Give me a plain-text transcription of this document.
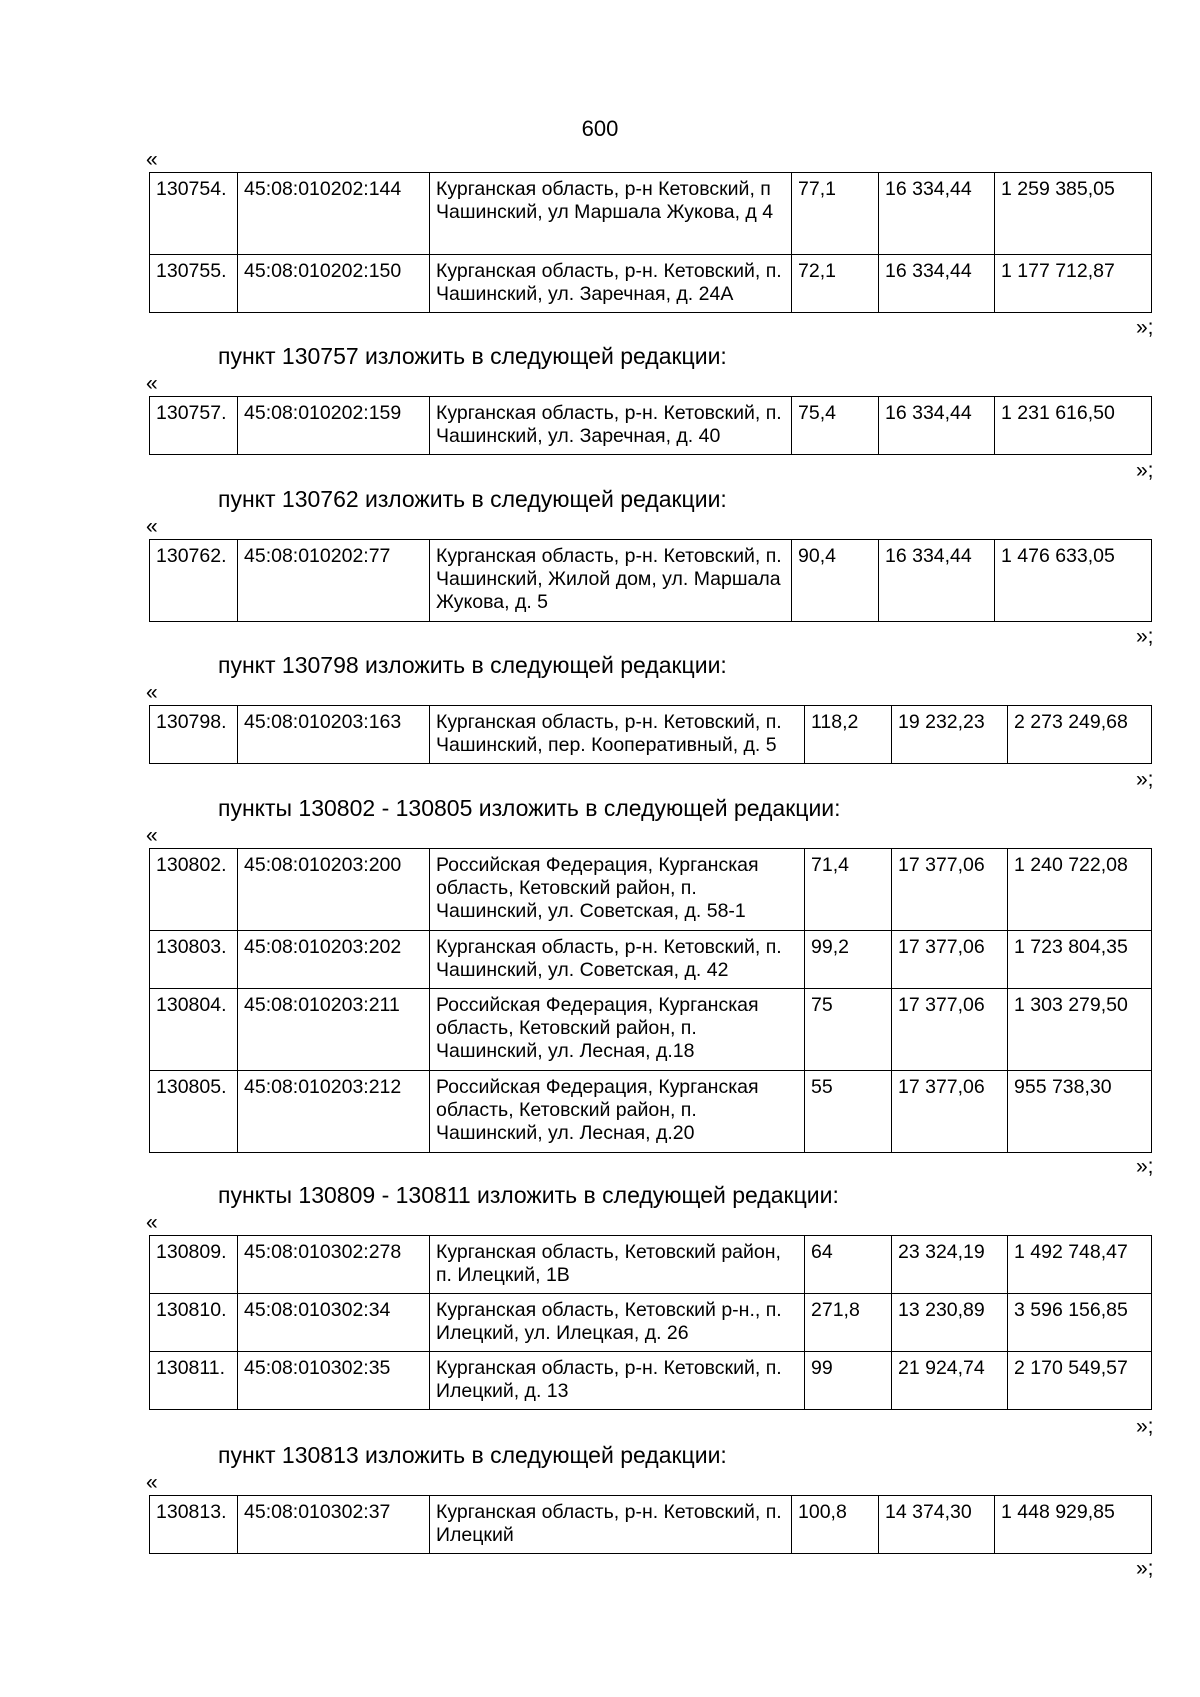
600
«
130754.	45:08:010202:144	Курганская область, р-н Кетовский, п Чашинский, ул Маршала Жукова, д 4	77,1	16 334,44	1 259 385,05
130755.	45:08:010202:150	Курганская область, р-н. Кетовский, п. Чашинский, ул. Заречная, д. 24А	72,1	16 334,44	1 177 712,87
»;
пункт 130757 изложить в следующей редакции:
«
130757.	45:08:010202:159	Курганская область, р-н. Кетовский, п. Чашинский, ул. Заречная, д. 40	75,4	16 334,44	1 231 616,50
»;
пункт 130762 изложить в следующей редакции:
«
130762.	45:08:010202:77	Курганская область, р-н. Кетовский, п. Чашинский, Жилой дом, ул. Маршала Жукова, д. 5	90,4	16 334,44	1 476 633,05
»;
пункт 130798 изложить в следующей редакции:
«
130798.	45:08:010203:163	Курганская область, р-н. Кетовский, п. Чашинский, пер. Кооперативный, д. 5	118,2	19 232,23	2 273 249,68
»;
пункты 130802 - 130805 изложить в следующей редакции:
«
130802.	45:08:010203:200	Российская Федерация, Курганская область, Кетовский район, п. Чашинский, ул. Советская, д. 58-1	71,4	17 377,06	1 240 722,08
130803.	45:08:010203:202	Курганская область, р-н. Кетовский, п. Чашинский, ул. Советская, д. 42	99,2	17 377,06	1 723 804,35
130804.	45:08:010203:211	Российская Федерация, Курганская область, Кетовский район, п. Чашинский, ул. Лесная, д.18	75	17 377,06	1 303 279,50
130805.	45:08:010203:212	Российская Федерация, Курганская область, Кетовский район, п. Чашинский, ул. Лесная, д.20	55	17 377,06	955 738,30
»;
пункты 130809 - 130811 изложить в следующей редакции:
«
130809.	45:08:010302:278	Курганская область, Кетовский район, п. Илецкий, 1В	64	23 324,19	1 492 748,47
130810.	45:08:010302:34	Курганская область, Кетовский р-н., п. Илецкий, ул. Илецкая, д. 26	271,8	13 230,89	3 596 156,85
130811.	45:08:010302:35	Курганская область, р-н. Кетовский, п. Илецкий, д. 13	99	21 924,74	2 170 549,57
»;
пункт 130813 изложить в следующей редакции:
«
130813.	45:08:010302:37	Курганская область, р-н. Кетовский, п. Илецкий	100,8	14 374,30	1 448 929,85
»;
